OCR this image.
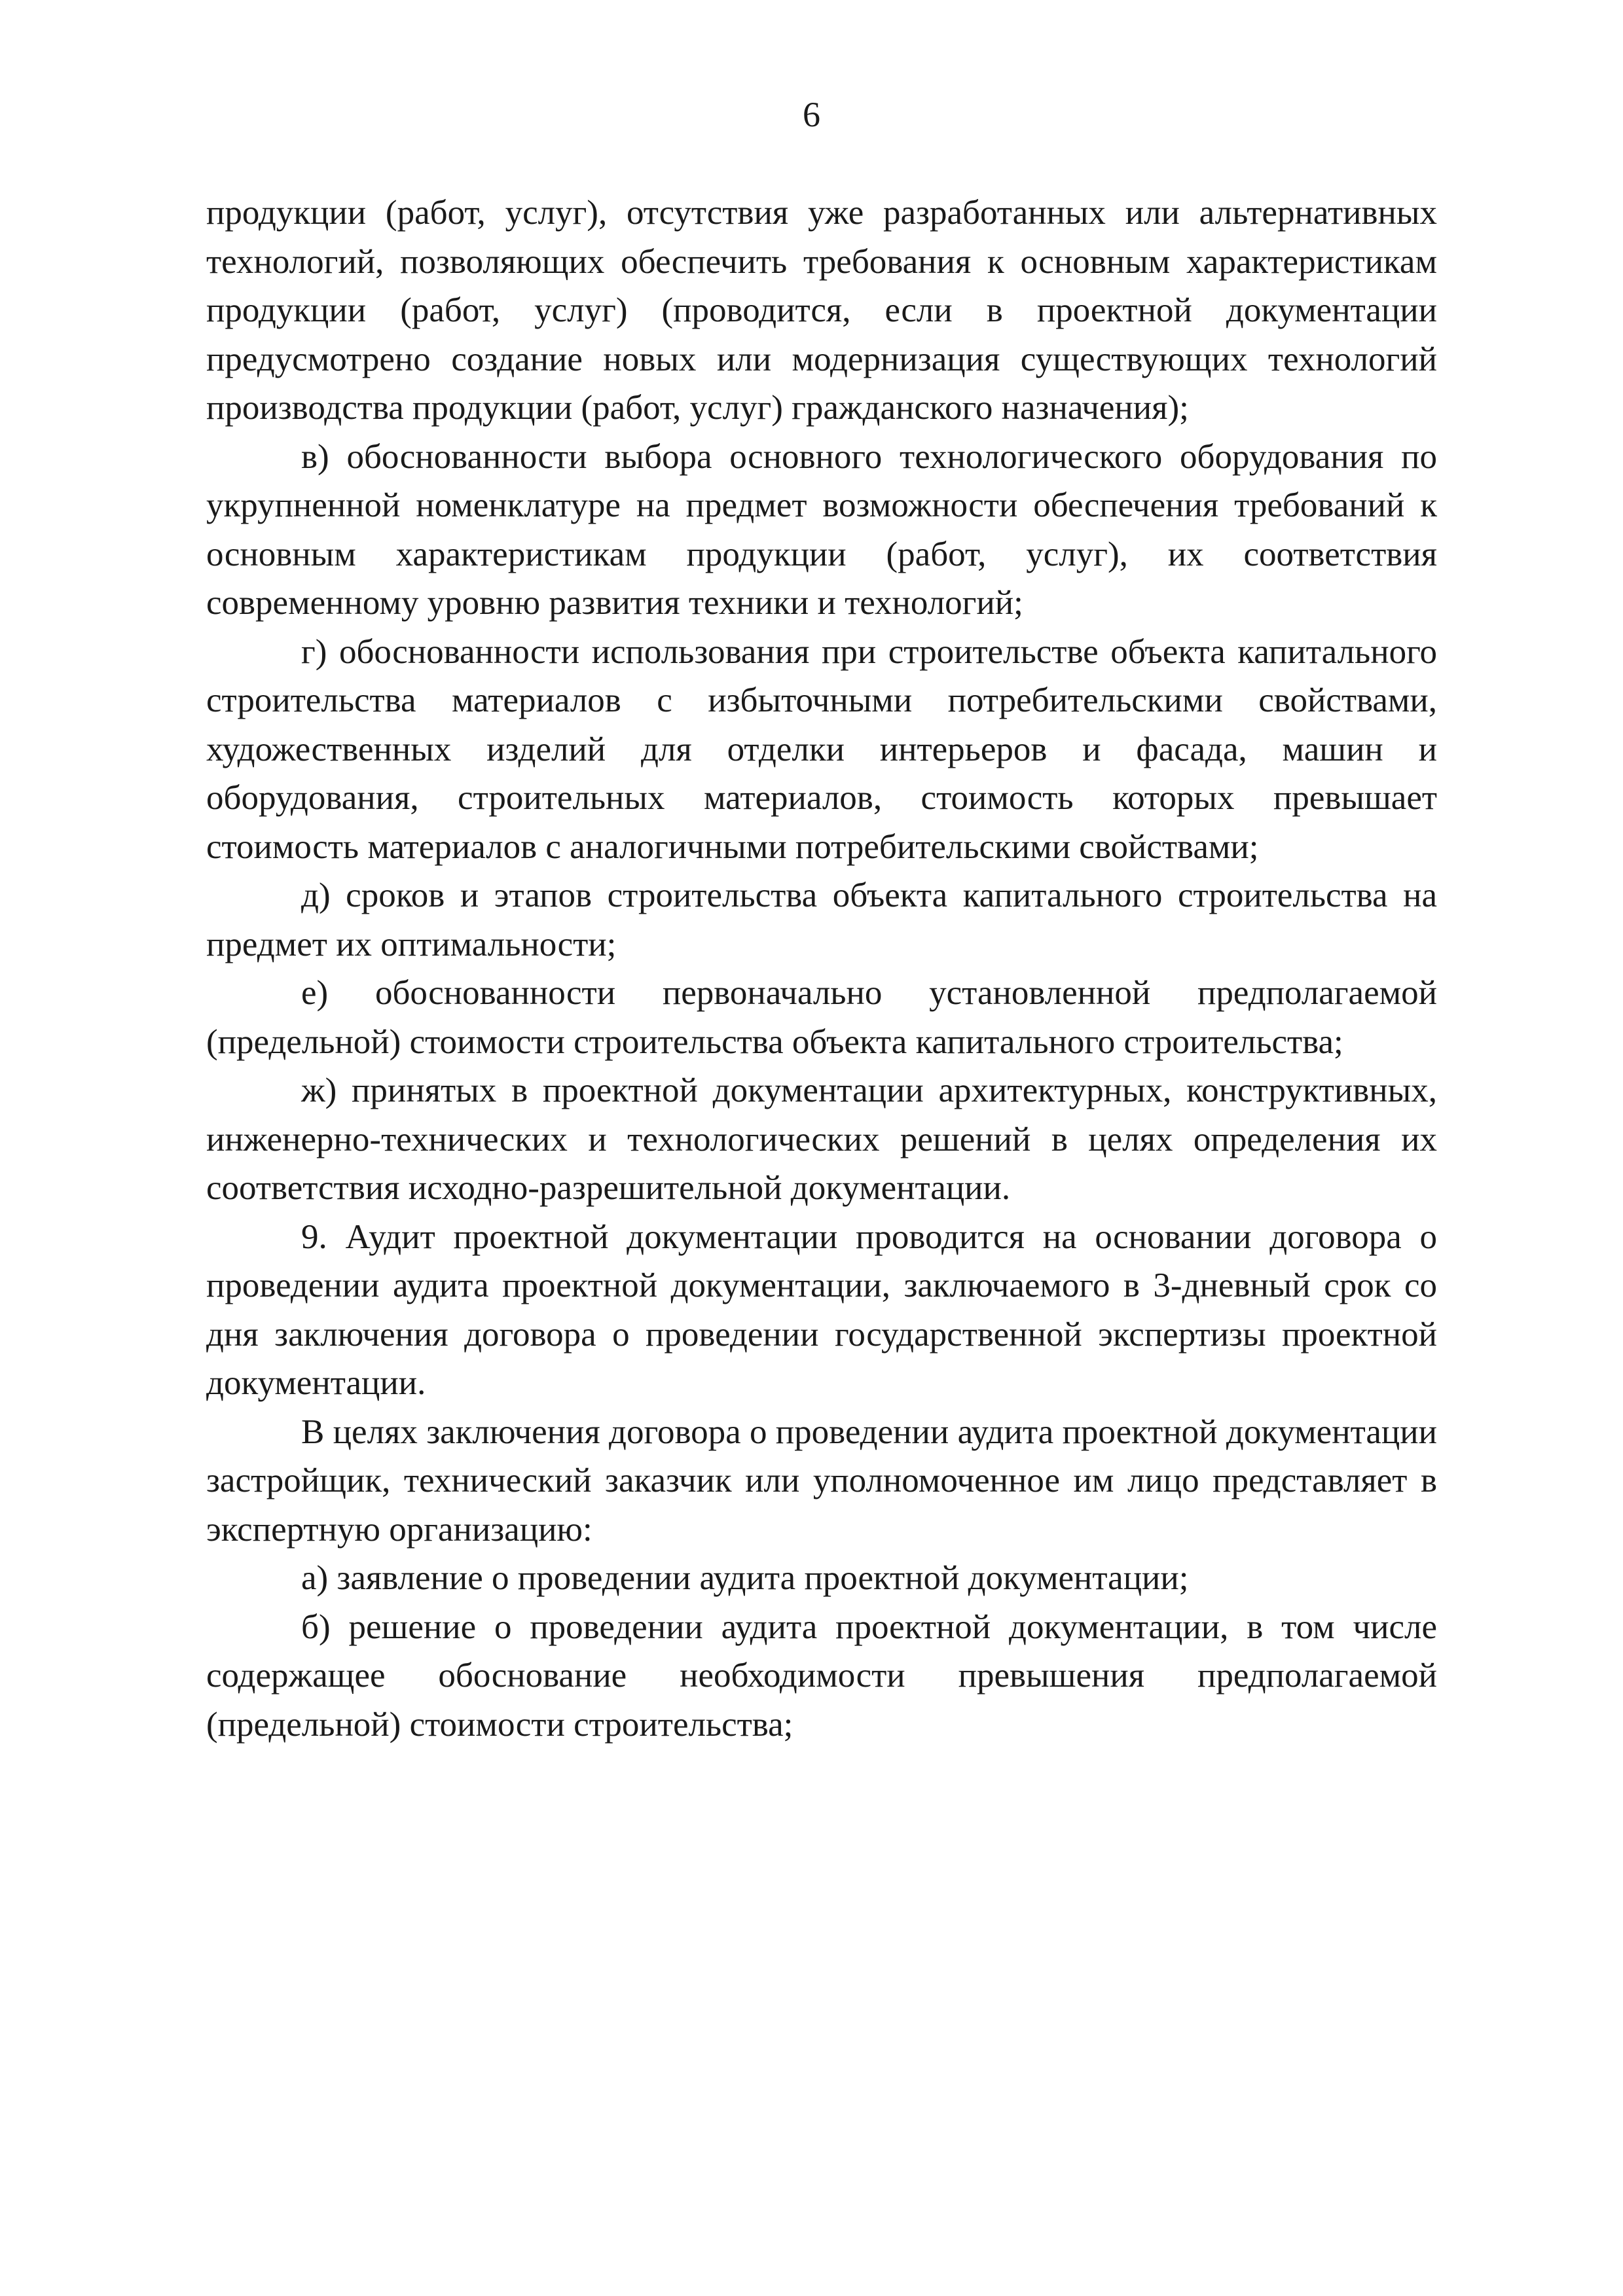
6

продукции (работ, услуг), отсутствия уже разработанных или альтернативных технологий, позволяющих обеспечить требования к основным характеристикам продукции (работ, услуг) (проводится, если в проектной документации предусмотрено создание новых или модернизация существующих технологий производства продукции (работ, услуг) гражданского назначения);

в) обоснованности выбора основного технологического оборудования по укрупненной номенклатуре на предмет возможности обеспечения требований к основным характеристикам продукции (работ, услуг), их соответствия современному уровню развития техники и технологий;

г) обоснованности использования при строительстве объекта капитального строительства материалов с избыточными потребительскими свойствами, художественных изделий для отделки интерьеров и фасада, машин и оборудования, строительных материалов, стоимость которых превышает стоимость материалов с аналогичными потребительскими свойствами;

д) сроков и этапов строительства объекта капитального строительства на предмет их оптимальности;

е) обоснованности первоначально установленной предполагаемой (предельной) стоимости строительства объекта капитального строительства;

ж) принятых в проектной документации архитектурных, конструктивных, инженерно-технических и технологических решений в целях определения их соответствия исходно-разрешительной документации.

9. Аудит проектной документации проводится на основании договора о проведении аудита проектной документации, заключаемого в 3-дневный срок со дня заключения договора о проведении государственной экспертизы проектной документации.

В целях заключения договора о проведении аудита проектной документации застройщик, технический заказчик или уполномоченное им лицо представляет в экспертную организацию:

а) заявление о проведении аудита проектной документации;

б) решение о проведении аудита проектной документации, в том числе содержащее обоснование необходимости превышения предполагаемой (предельной) стоимости строительства;
